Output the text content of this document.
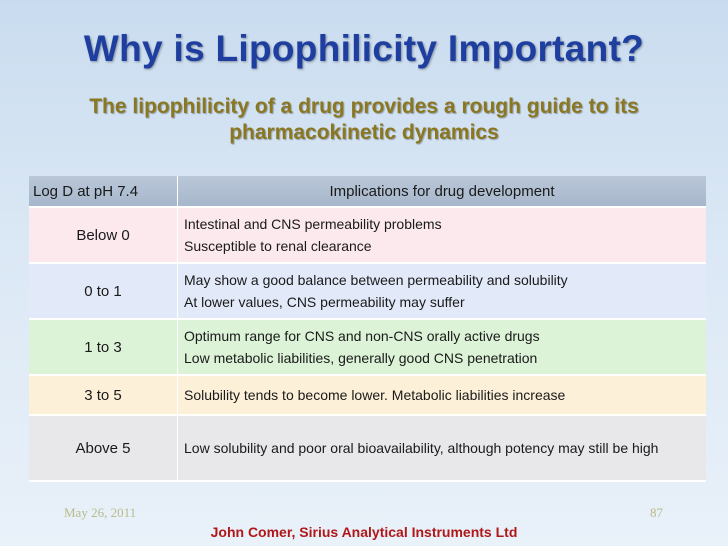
Why is Lipophilicity Important?
The lipophilicity of a drug provides a rough guide to its pharmacokinetic dynamics
Log D at pH 7.4	Implications for drug development
Below 0	Intestinal and CNS permeability problems
Susceptible to renal clearance

0 to 1	May show a good balance between permeability and solubility
At lower values, CNS permeability may suffer

1 to 3	Optimum range for CNS and non-CNS orally active drugs
Low metabolic liabilities, generally good CNS penetration

3 to 5	Solubility tends to become lower. Metabolic liabilities increase

Above 5	Low solubility and poor oral bioavailability, although potency may still be high
May 26, 2011	87
John Comer, Sirius Analytical Instruments Ltd
